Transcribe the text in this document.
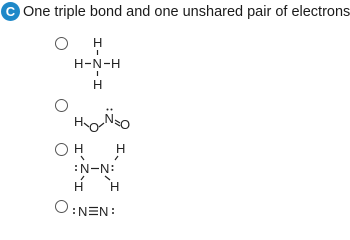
C One triple bond and one unshared pair of electrons
H
H N H
H
H O
N O
H	H
N N
H H
N N
